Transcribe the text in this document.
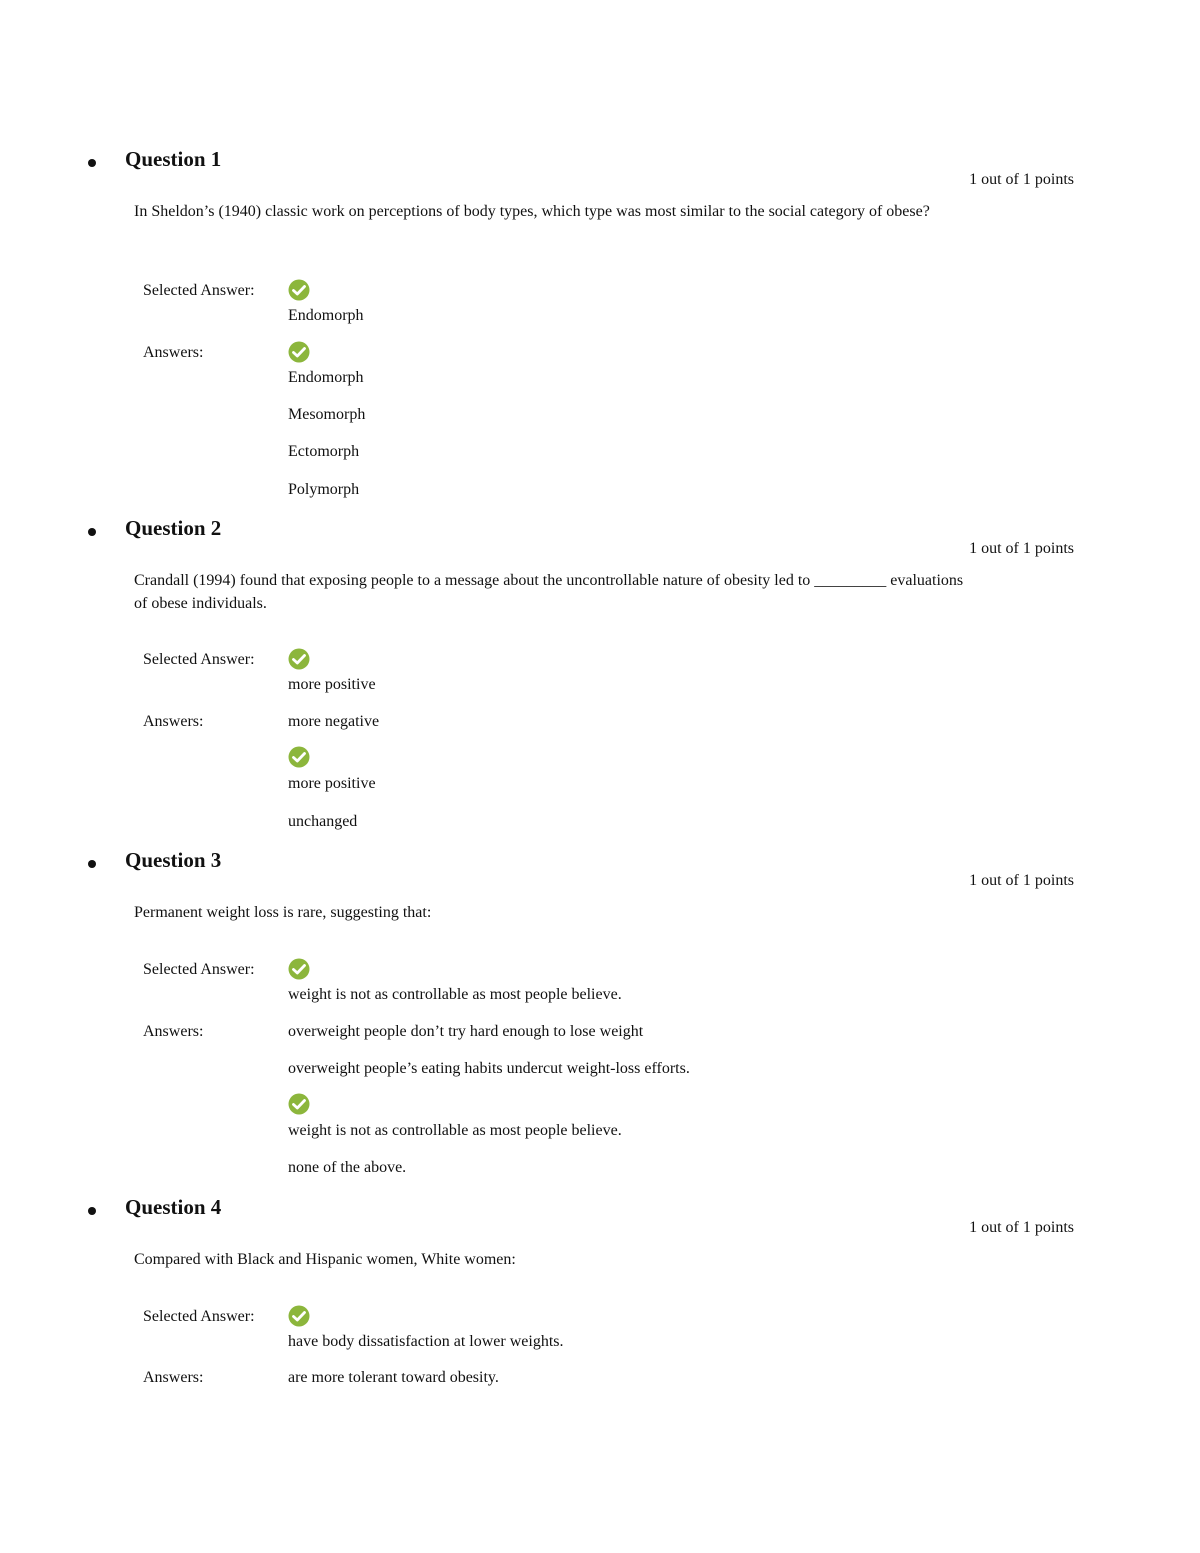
Question 1
1 out of 1 points
In Sheldon’s (1940) classic work on perceptions of body types, which type was most similar to the social category of obese?
Selected Answer:
Endomorph
Answers:
Endomorph
Mesomorph
Ectomorph
Polymorph
Question 2
1 out of 1 points
Crandall (1994) found that exposing people to a message about the uncontrollable nature of obesity led to _________ evaluations of obese individuals.
Selected Answer:
more positive
Answers:	more negative
more positive
unchanged
Question 3
1 out of 1 points
Permanent weight loss is rare, suggesting that:
Selected Answer:
weight is not as controllable as most people believe.
Answers:	overweight people don’t try hard enough to lose weight
overweight people’s eating habits undercut weight-loss efforts.
weight is not as controllable as most people believe.
none of the above.
Question 4
1 out of 1 points
Compared with Black and Hispanic women, White women:
Selected Answer:
have body dissatisfaction at lower weights.
Answers:	are more tolerant toward obesity.
